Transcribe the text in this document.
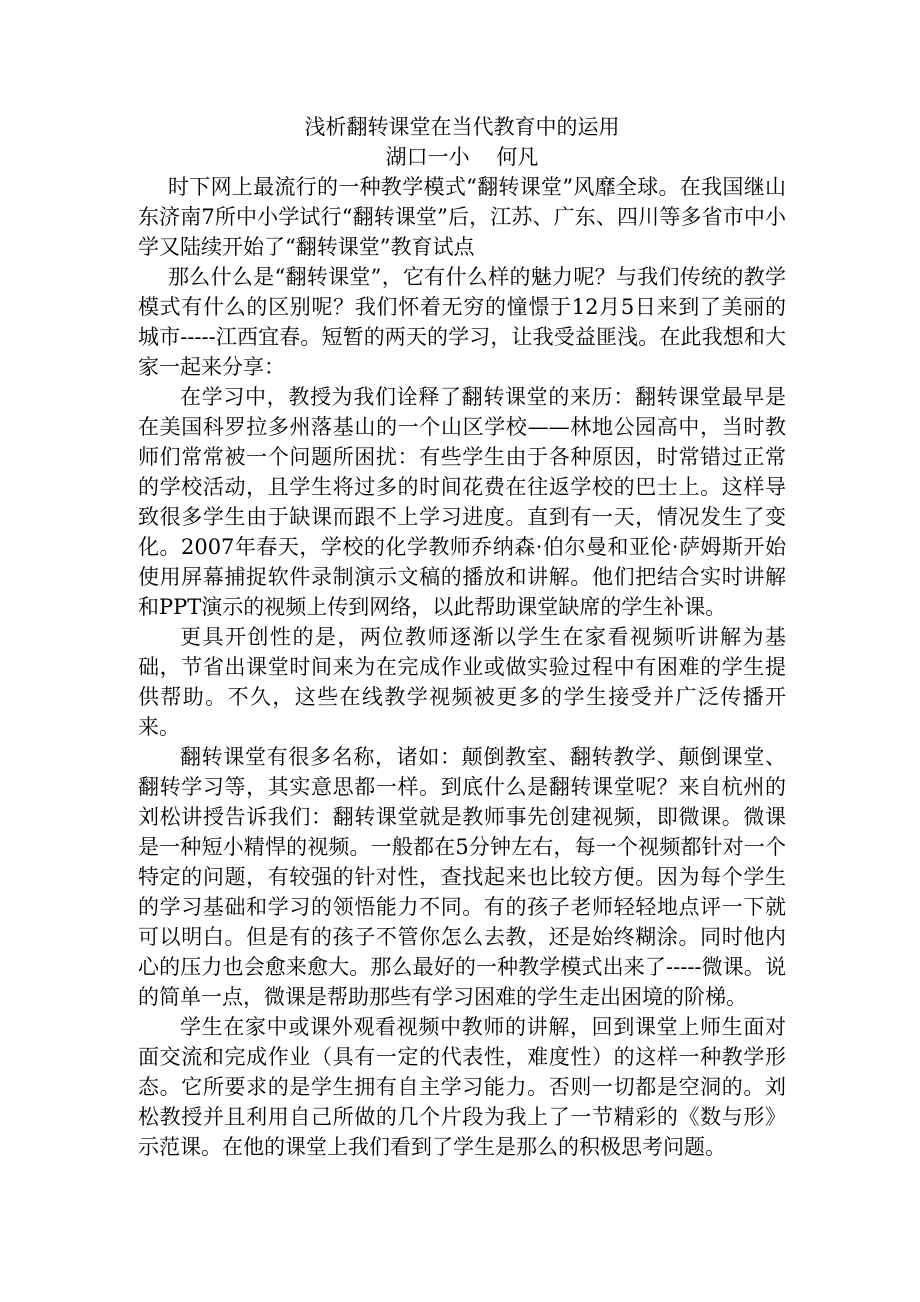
浅析翻转课堂在当代教育中的运用

湖口一小    何凡

时下网上最流行的一种教学模式“翻转课堂”风靡全球。在我国继山东济南7所中小学试行“翻转课堂”后，江苏、广东、四川等多省市中小学又陆续开始了“翻转课堂”教育试点

那么什么是“翻转课堂”，它有什么样的魅力呢？与我们传统的教学模式有什么的区别呢？我们怀着无穷的憧憬于12月5日来到了美丽的城市-----江西宜春。短暂的两天的学习，让我受益匪浅。在此我想和大家一起来分享：

在学习中，教授为我们诠释了翻转课堂的来历：翻转课堂最早是在美国科罗拉多州落基山的一个山区学校——林地公园高中，当时教师们常常被一个问题所困扰：有些学生由于各种原因，时常错过正常的学校活动，且学生将过多的时间花费在往返学校的巴士上。这样导致很多学生由于缺课而跟不上学习进度。直到有一天，情况发生了变化。2007年春天，学校的化学教师乔纳森·伯尔曼和亚伦·萨姆斯开始使用屏幕捕捉软件录制演示文稿的播放和讲解。他们把结合实时讲解和PPT演示的视频上传到网络，以此帮助课堂缺席的学生补课。

更具开创性的是，两位教师逐渐以学生在家看视频听讲解为基础，节省出课堂时间来为在完成作业或做实验过程中有困难的学生提供帮助。不久，这些在线教学视频被更多的学生接受并广泛传播开来。

翻转课堂有很多名称，诸如：颠倒教室、翻转教学、颠倒课堂、翻转学习等，其实意思都一样。到底什么是翻转课堂呢？来自杭州的刘松讲授告诉我们：翻转课堂就是教师事先创建视频，即微课。微课是一种短小精悍的视频。一般都在5分钟左右，每一个视频都针对一个特定的问题，有较强的针对性，查找起来也比较方便。因为每个学生的学习基础和学习的领悟能力不同。有的孩子老师轻轻地点评一下就可以明白。但是有的孩子不管你怎么去教，还是始终糊涂。同时他内心的压力也会愈来愈大。那么最好的一种教学模式出来了-----微课。说的简单一点，微课是帮助那些有学习困难的学生走出困境的阶梯。

学生在家中或课外观看视频中教师的讲解，回到课堂上师生面对面交流和完成作业（具有一定的代表性，难度性）的这样一种教学形态。它所要求的是学生拥有自主学习能力。否则一切都是空洞的。刘松教授并且利用自己所做的几个片段为我上了一节精彩的《数与形》示范课。在他的课堂上我们看到了学生是那么的积极思考问题。
